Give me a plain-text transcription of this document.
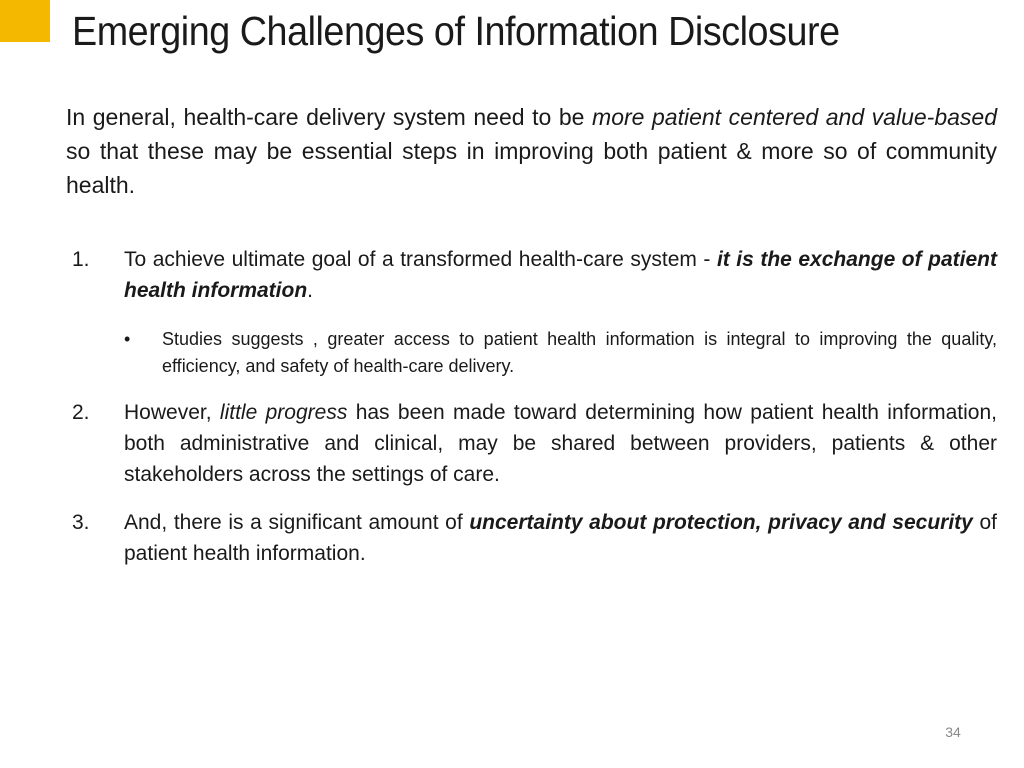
Emerging Challenges of Information Disclosure

In general, health-care delivery system need to be more patient centered and value-based so that these may be essential steps in improving both patient & more so of community health.

1. To achieve ultimate goal of a transformed health-care system - it is the exchange of patient health information.
• Studies suggests , greater access to patient health information is integral to improving the quality, efficiency, and safety of health-care delivery.
2. However, little progress has been made toward determining how patient health information, both administrative and clinical, may be shared between providers, patients & other stakeholders across the settings of care.
3. And, there is a significant amount of uncertainty about protection, privacy and security of patient health information.
34
